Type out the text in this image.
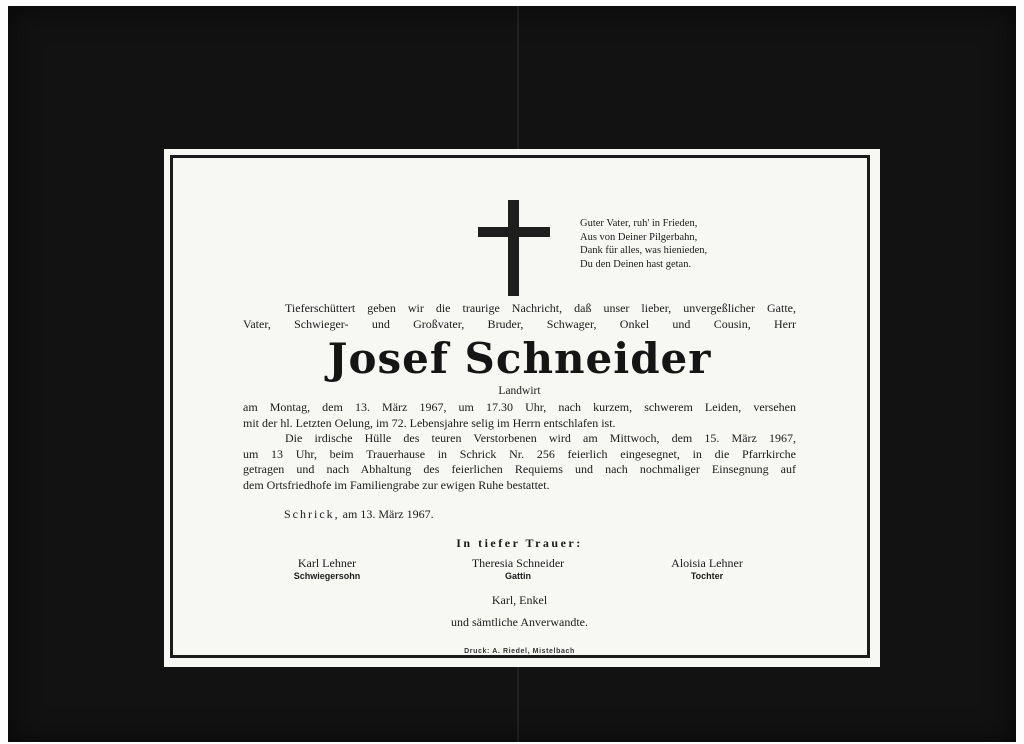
Guter Vater, ruh' in Frieden,
Aus von Deiner Pilgerbahn,
Dank für alles, was hienieden,
Du den Deinen hast getan.

Tieferschüttert geben wir die traurige Nachricht, daß unser lieber, unvergeßlicher Gatte,

Vater, Schwieger- und Großvater, Bruder, Schwager, Onkel und Cousin, Herr
Josef Schneider
Landwirt

am Montag, dem 13. März 1967, um 17.30 Uhr, nach kurzem, schwerem Leiden, versehen

mit der hl. Letzten Oelung, im 72. Lebensjahre selig im Herrn entschlafen ist.

Die irdische Hülle des teuren Verstorbenen wird am Mittwoch, dem 15. März 1967,

um 13 Uhr, beim Trauerhause in Schrick Nr. 256 feierlich eingesegnet, in die Pfarrkirche

getragen und nach Abhaltung des feierlichen Requiems und nach nochmaliger Einsegnung auf

dem Ortsfriedhofe im Familiengrabe zur ewigen Ruhe bestattet.

Schrick, am 13. März 1967.
In tiefer Trauer:
Karl Lehner
Schwiegersohn
Theresia Schneider
Gattin
Aloisia Lehner
Tochter
Karl, Enkel
und sämtliche Anverwandte.
Druck: A. Riedel, Mistelbach
